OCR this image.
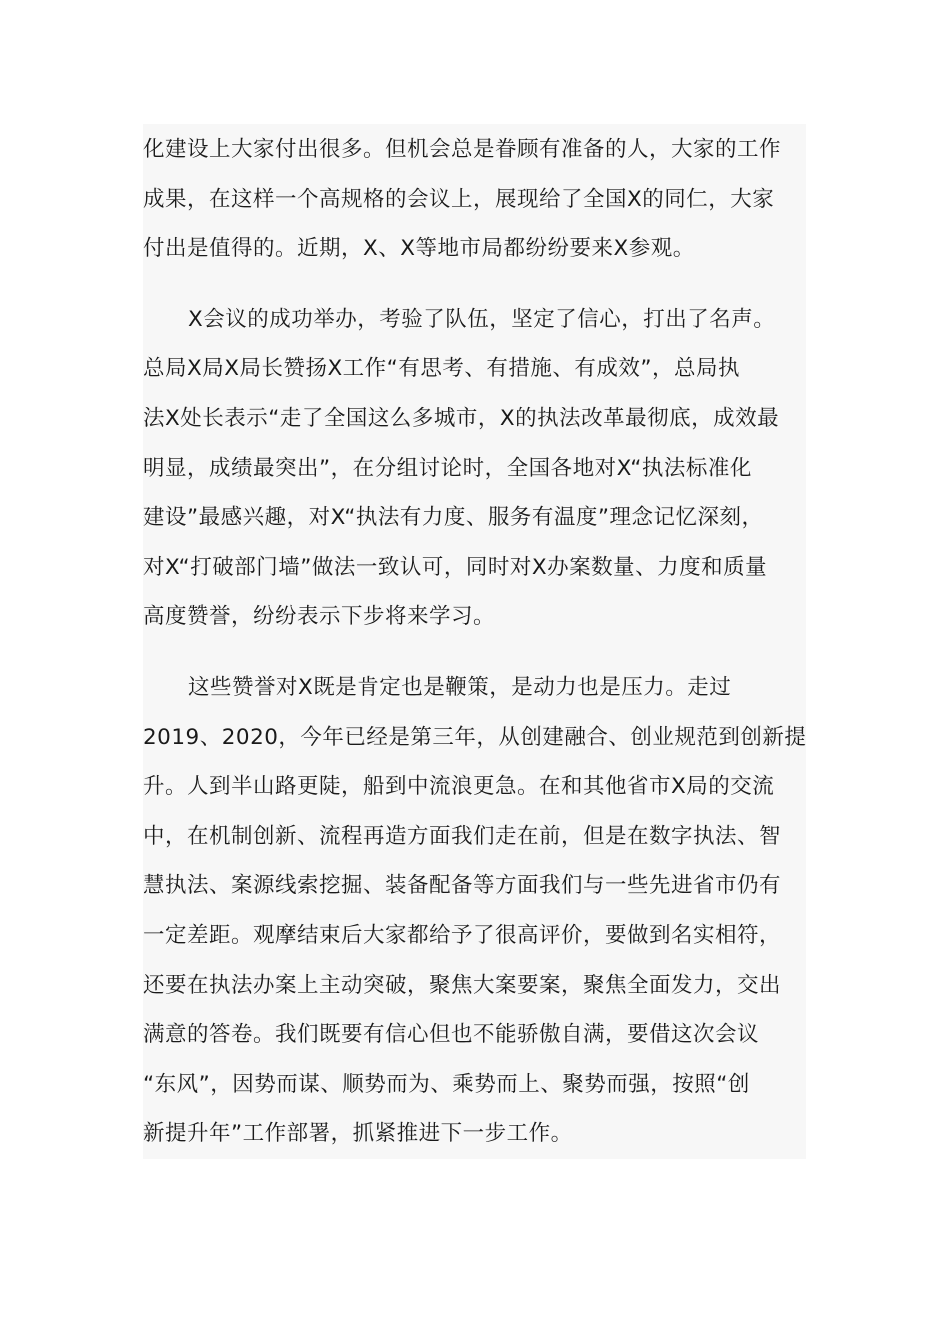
化建设上大家付出很多。但机会总是眷顾有准备的人，大家的工作
成果，在这样一个高规格的会议上，展现给了全国X的同仁，大家
付出是值得的。近期，X、X等地市局都纷纷要来X参观。

X会议的成功举办，考验了队伍，坚定了信心，打出了名声。
总局X局X局长赞扬X工作“有思考、有措施、有成效”，总局执
法X处长表示“走了全国这么多城市，X的执法改革最彻底，成效最
明显，成绩最突出”，在分组讨论时，全国各地对X“执法标准化
建设”最感兴趣，对X“执法有力度、服务有温度”理念记忆深刻，
对X“打破部门墙”做法一致认可，同时对X办案数量、力度和质量
高度赞誉，纷纷表示下步将来学习。

这些赞誉对X既是肯定也是鞭策，是动力也是压力。走过
2019、2020，今年已经是第三年，从创建融合、创业规范到创新提
升。人到半山路更陡，船到中流浪更急。在和其他省市X局的交流
中，在机制创新、流程再造方面我们走在前，但是在数字执法、智
慧执法、案源线索挖掘、装备配备等方面我们与一些先进省市仍有
一定差距。观摩结束后大家都给予了很高评价，要做到名实相符，
还要在执法办案上主动突破，聚焦大案要案，聚焦全面发力，交出
满意的答卷。我们既要有信心但也不能骄傲自满，要借这次会议
“东风”，因势而谋、顺势而为、乘势而上、聚势而强，按照“创
新提升年”工作部署，抓紧推进下一步工作。
